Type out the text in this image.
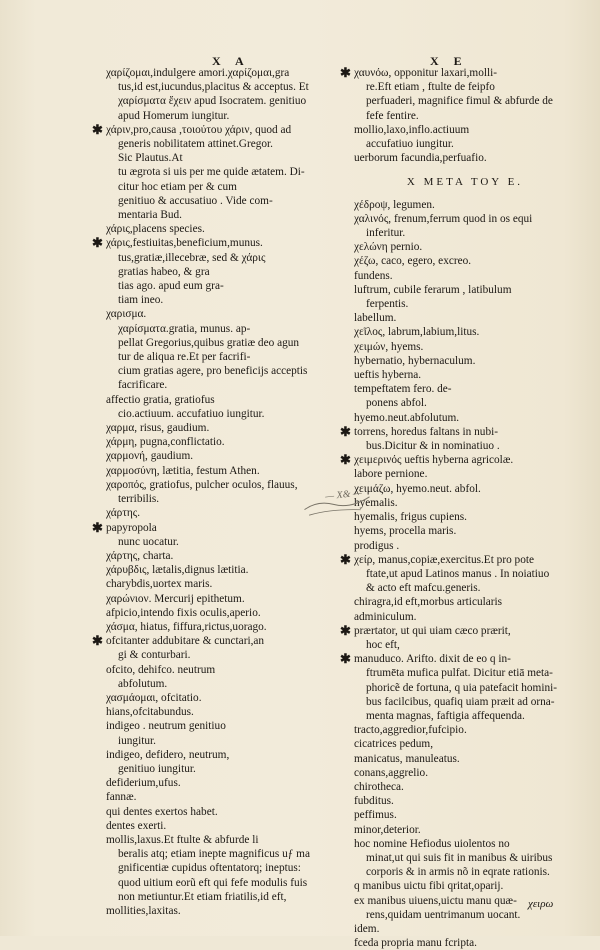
X A	X E
χαρίζομαι,indulgere amori.χαρίζομαι,gra
tus,id est,iucundus,placitus & acceptus. Et
χαρίσματα ἔχειν apud Isocratem. genitiuo
apud Homerum iungitur.
✱ χάριν,pro,causa ,τοιούτου χάριν, quod ad
generis nobilitatem attinet.Gregor.
Sic Plautus.At
tu ægrota si uis per me quide ætatem. Di-
citur hoc etiam per & cum
genitiuo & accusatiuo . Vide com-
mentaria Bud.
χάρις,placens species.
✱ χάρις,festiuitas,beneficium,munus.
tus,gratiæ,illecebræ, sed & χάρις
gratias habeo, & gra
tias ago. apud eum gra-
tiam ineo.
χαρισμα.
χαρίσματα.gratia, munus. ap-
pellat Gregorius,quibus gratiæ deo agun
tur de aliqua re.Et per facrifi-
cium gratias agere, pro beneficijs acceptis
facrificare.
affectio gratia, gratiofus
cio.actiuum. accufatiuo iungitur.
χαρμα, risus, gaudium.
χάρμη, pugna,conflictatio.
χαρμονή, gaudium.
χαρμοσύνη, lætitia, festum Athen.
χαροπός, gratiofus, pulcher oculos, flauus,
terribilis.
χάρτης.
✱ papyropola
nunc uocatur.
χάρτης, charta.
χάρυβδις, lætalis,dignus lætitia.
charybdis,uortex maris.
χαρώνιον. Mercurij epithetum.
afpicio,intendo fixis oculis,aperio.
χάσμα, hiatus, fiffura,rictus,uorago.
✱ ofcitanter addubitare & cunctari,an
gi & conturbari.
ofcito, dehifco. neutrum
abfolutum.
χασμάομαι, ofcitatio.
hians,ofcitabundus.
indigeo . neutrum genitiuo
iungitur.
indigeo, defidero, neutrum,
genitiuo iungitur.
defiderium,ufus.
fannæ.
qui dentes exertos habet.
dentes exerti.
mollis,laxus.Et ftulte & abfurde li
beralis atq; etiam inepte magnificus uƒ ma
gnificentiæ cupidus oftentatorq; ineptus:
quod uitium eorũ eft qui fefe modulis fuis
non metiuntur.Et etiam friatilis,id eft,
mollities,laxitas.
✱ χαυνόω, opponitur laxari,molli-
re.Eft etiam , ftulte de feipfo
perfuaderi, magnifice fimul & abfurde de
fefe fentire.
mollio,laxo,inflo.actiuum
accufatiuo iungitur.
uerborum facundia,perfuafio.
X META TOY E.
χέδροψ, legumen.
χαλινός, frenum,ferrum quod in os equi
inferitur.
χελώνη pernio.
χέζω, caco, egero, excreo.
fundens.
luftrum, cubile ferarum , latibulum
ferpentis.
labellum.
χεῖλος, labrum,labium,litus.
χειμών, hyems.
hybernatio, hybernaculum.
ueftis hyberna.
tempeftatem fero. de-
ponens abfol.
hyemo.neut.abfolutum.
✱ torrens, horedus faltans in nubi-
bus.Dicitur & in nominatiuo .
✱ χειμερινός ueftis hyberna agricolæ.
labore pernione.
χειμάζω, hyemo.neut. abfol.
hyemalis.
hyemalis, frigus cupiens.
hyems, procella maris.
prodigus .
✱ χείρ, manus,copiæ,exercitus.Et pro pote
ftate,ut apud Latinos manus . In noiatiuo
& acto eft mafcu.generis.
chiragra,id eft,morbus articularis
adminiculum.
✱ prærtator, ut qui uiam cæco prærit,
hoc eft,
✱ manuduco. Arifto. dixit de eo q in-
ftrumēta mufica pulfat. Dicitur etiā meta-
phoricẽ de fortuna, q uia patefacit homini-
bus facilcibus, quafiq uiam præit ad orna-
menta magnas, faftigia affequenda.
tracto,aggredior,fufcipio.
cicatrices pedum,
manicatus, manuleatus.
conans,aggrelio.
chirotheca.
fubditus.
peffimus.
minor,deterior.
hoc nomine Hefiodus uiolentos no
minat,ut qui suis fit in manibus & uiribus
corporis & in armis nõ in eqrate rationis.
q manibus uictu fibi qritat,oparij.
ex manibus uiuens,uictu manu quæ-
rens,quidam uentrimanum uocant.
idem.
fceda propria manu fcripta.
— X& —
χειρω
